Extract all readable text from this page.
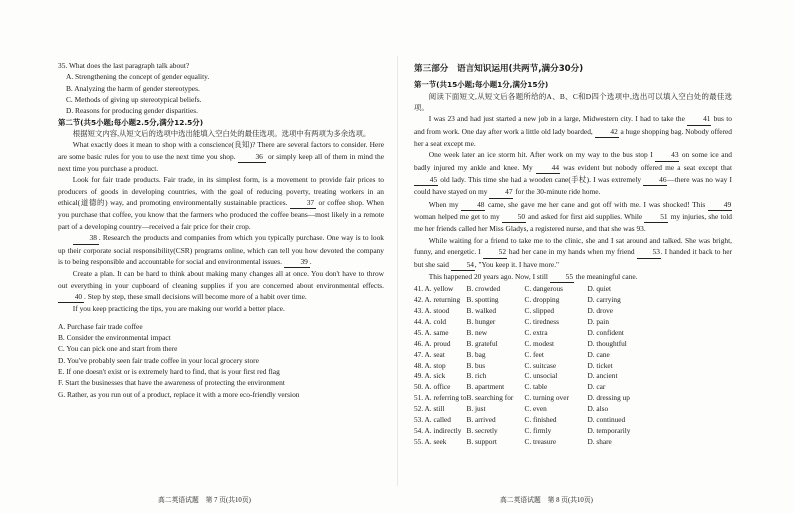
35. What does the last paragraph talk about?

A. Strengthening the concept of gender equality.

B. Analyzing the harm of gender stereotypes.

C. Methods of giving up stereotypical beliefs.

D. Reasons for producing gender disparities.

第二节(共5小题;每小题2.5分,满分12.5分)

根据短文内容,从短文后的选项中选出能填入空白处的最佳选项。选项中有两项为多余选项。

What exactly does it mean to shop with a conscience(良知)? There are several factors to consider. Here are some basic rules for you to use the next time you shop.	36 or simply keep all of them in mind the next time you purchase a product.

Look for fair trade products. Fair trade, in its simplest form, is a movement to provide fair prices to producers of goods in developing countries, with the goal of reducing poverty, treating workers in an ethical(道德的) way, and promoting environmentally sustainable practices.	37 or coffee shop. When you purchase that coffee, you know that the farmers who produced the coffee beans—most likely in a remote part of a developing country—received a fair price for their crop.

38 . Research the products and companies from which you typically purchase. One way is to look up their corporate social responsibility(CSR) programs online, which can tell you how devoted the company is to being responsible and accountable for social and environmental issues.	39 .

Create a plan. It can be hard to think about making many changes all at once. You don't have to throw out everything in your cupboard of cleaning supplies if you are concerned about environmental effects. 40 . Step by step, these small decisions will become more of a habit over time.

If you keep practicing the tips, you are making our world a better place.

A. Purchase fair trade coffee

B. Consider the environmental impact

C. You can pick one and start from there

D. You've probably seen fair trade coffee in your local grocery store

E. If one doesn't exist or is extremely hard to find, that is your first red flag

F. Start the businesses that have the awareness of protecting the environment

G. Rather, as you run out of a product, replace it with a more eco-friendly version

高二英语试题　第 7 页(共10页)

第三部分　语言知识运用(共两节,满分30分)

第一节(共15小题;每小题1分,满分15分)

阅读下面短文,从短文后各题所给的A、B、C和D四个选项中,选出可以填入空白处的最佳选项。

I was 23 and had just started a new job in a large, Midwestern city. I had to take the 41 bus to and from work. One day after work a little old lady boarded, 42 a huge shopping bag. Nobody offered her a seat except me.

One week later an ice storm hit. After work on my way to the bus stop I 43 on some ice and badly injured my ankle and knee. My	44 was evident but nobody offered me a seat except that 45 old lady. This time she had a wooden cane(手杖). I was extremely 46—there was no way I could have stayed on my 47 for the 30-minute ride home.

When my	48 came, she gave me her cane and got off with me. I was shocked! This	49 woman helped me get to my 50 and asked for first aid supplies. While 51 my injuries, she told me her friends called her Miss Gladys, a registered nurse, and that she was 93.

While waiting for a friend to take me to the clinic, she and I sat around and talked. She was bright, funny, and energetic. I 52 had her cane in my hands when my friend 53. I handed it back to her but she said 54, "You keep it. I have more."

This happened 20 years ago. Now, I still 55 the meaningful cane.

41. A. yellow	B. crowded	C. dangerous	D. quiet
42. A. returning	B. spotting	C. dropping	D. carrying
43. A. stood	B. walked	C. slipped	D. drove
44. A. cold	B. hunger	C. tiredness	D. pain
45. A. same	B. new	C. extra	D. confident
46. A. proud	B. grateful	C. modest	D. thoughtful
47. A. seat	B. bag	C. feet	D. cane
48. A. stop	B. bus	C. suitcase	D. ticket
49. A. sick	B. rich	C. unsocial	D. ancient
50. A. office	B. apartment	C. table	D. car
51. A. referring to	B. searching for	C. turning over	D. dressing up
52. A. still	B. just	C. even	D. also
53. A. called	B. arrived	C. finished	D. continued
54. A. indirectly	B. secretly	C. firmly	D. temporarily
55. A. seek	B. support	C. treasure	D. share
高二英语试题　第 8 页(共10页)
